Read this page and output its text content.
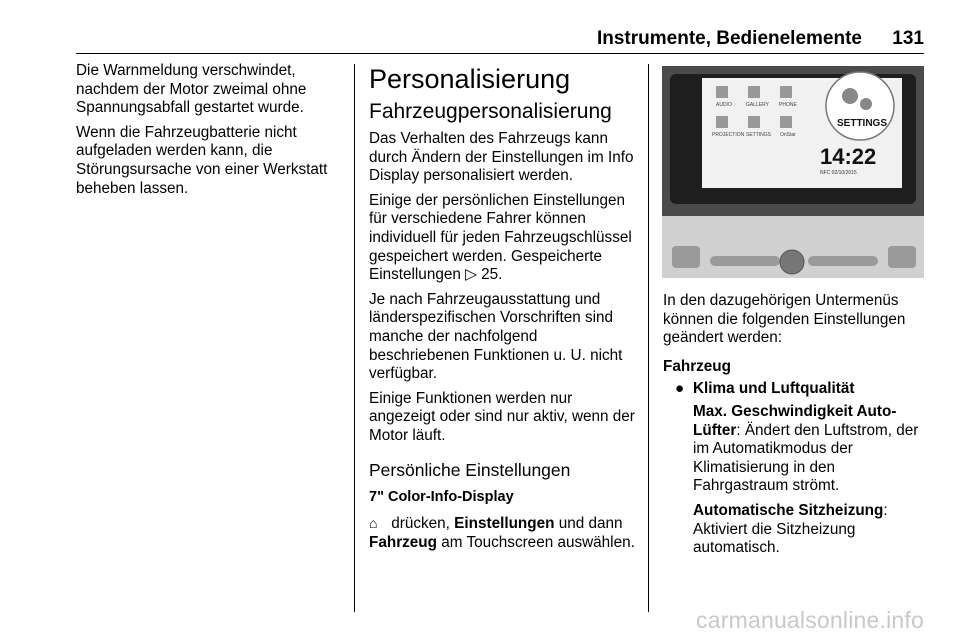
Instrumente, Bedienelemente 131

Die Warnmeldung verschwindet, nachdem der Motor zweimal ohne Spannungsabfall gestartet wurde.

Wenn die Fahrzeugbatterie nicht aufgeladen werden kann, die Störungsursache von einer Werkstatt beheben lassen.

Personalisierung
Fahrzeugpersonalisierung

Das Verhalten des Fahrzeugs kann durch Ändern der Einstellungen im Info Display personalisiert werden.

Einige der persönlichen Einstellungen für verschiedene Fahrer können individuell für jeden Fahrzeugschlüssel gespeichert werden. Gespeicherte Einstellungen ▷ 25.

Je nach Fahrzeugausstattung und länderspezifischen Vorschriften sind manche der nachfolgend beschriebenen Funktionen u. U. nicht verfügbar.

Einige Funktionen werden nur angezeigt oder sind nur aktiv, wenn der Motor läuft.

Persönliche Einstellungen
7" Color-Info-Display

⌂ drücken, Einstellungen und dann Fahrzeug am Touchscreen auswählen.

AUDIO	GALLERY PHONE
PROJECTION SETTINGS OnStar
14:22
NFC 02/10/2015
SETTINGS

In den dazugehörigen Untermenüs können die folgenden Einstellungen geändert werden:

Fahrzeug
● Klima und Luftqualität

Max. Geschwindigkeit Auto-Lüfter: Ändert den Luftstrom, der im Automatikmodus der Klimatisierung in den Fahrgastraum strömt.

Automatische Sitzheizung: Aktiviert die Sitzheizung automatisch.

carmanualsonline.info
